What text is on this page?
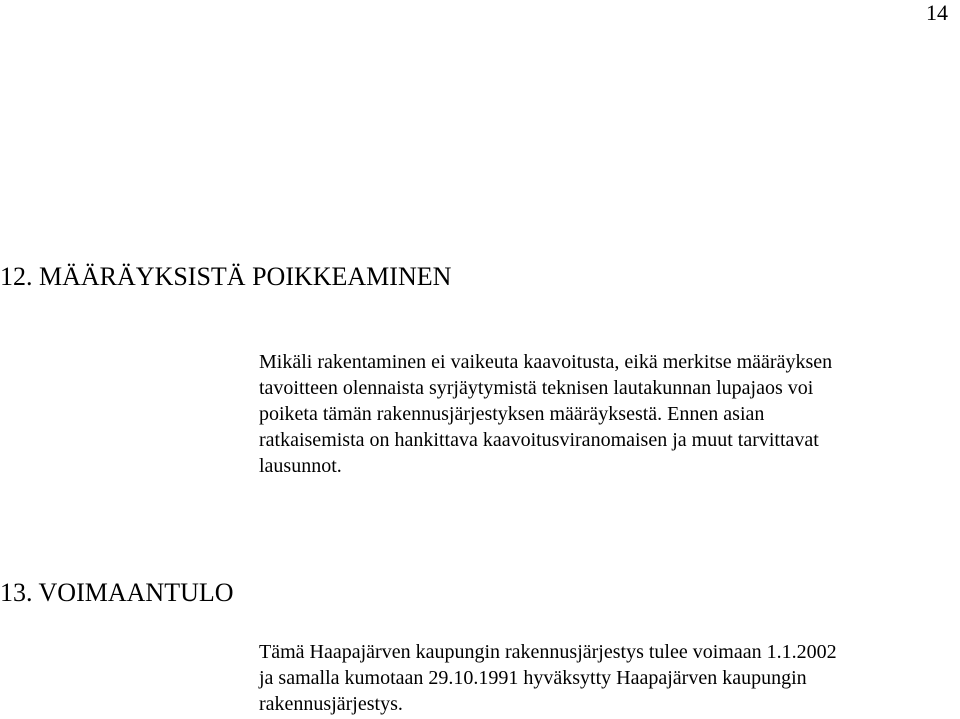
14
12. MÄÄRÄYKSISTÄ POIKKEAMINEN
Mikäli rakentaminen ei vaikeuta kaavoitusta, eikä merkitse määräyksen
tavoitteen olennaista syrjäytymistä teknisen lautakunnan lupajaos voi
poiketa tämän rakennusjärjestyksen määräyksestä. Ennen asian
ratkaisemista on hankittava kaavoitusviranomaisen ja muut tarvittavat
lausunnot.
13. VOIMAANTULO
Tämä Haapajärven kaupungin rakennusjärjestys tulee voimaan 1.1.2002
ja samalla kumotaan 29.10.1991 hyväksytty Haapajärven kaupungin
rakennusjärjestys.
